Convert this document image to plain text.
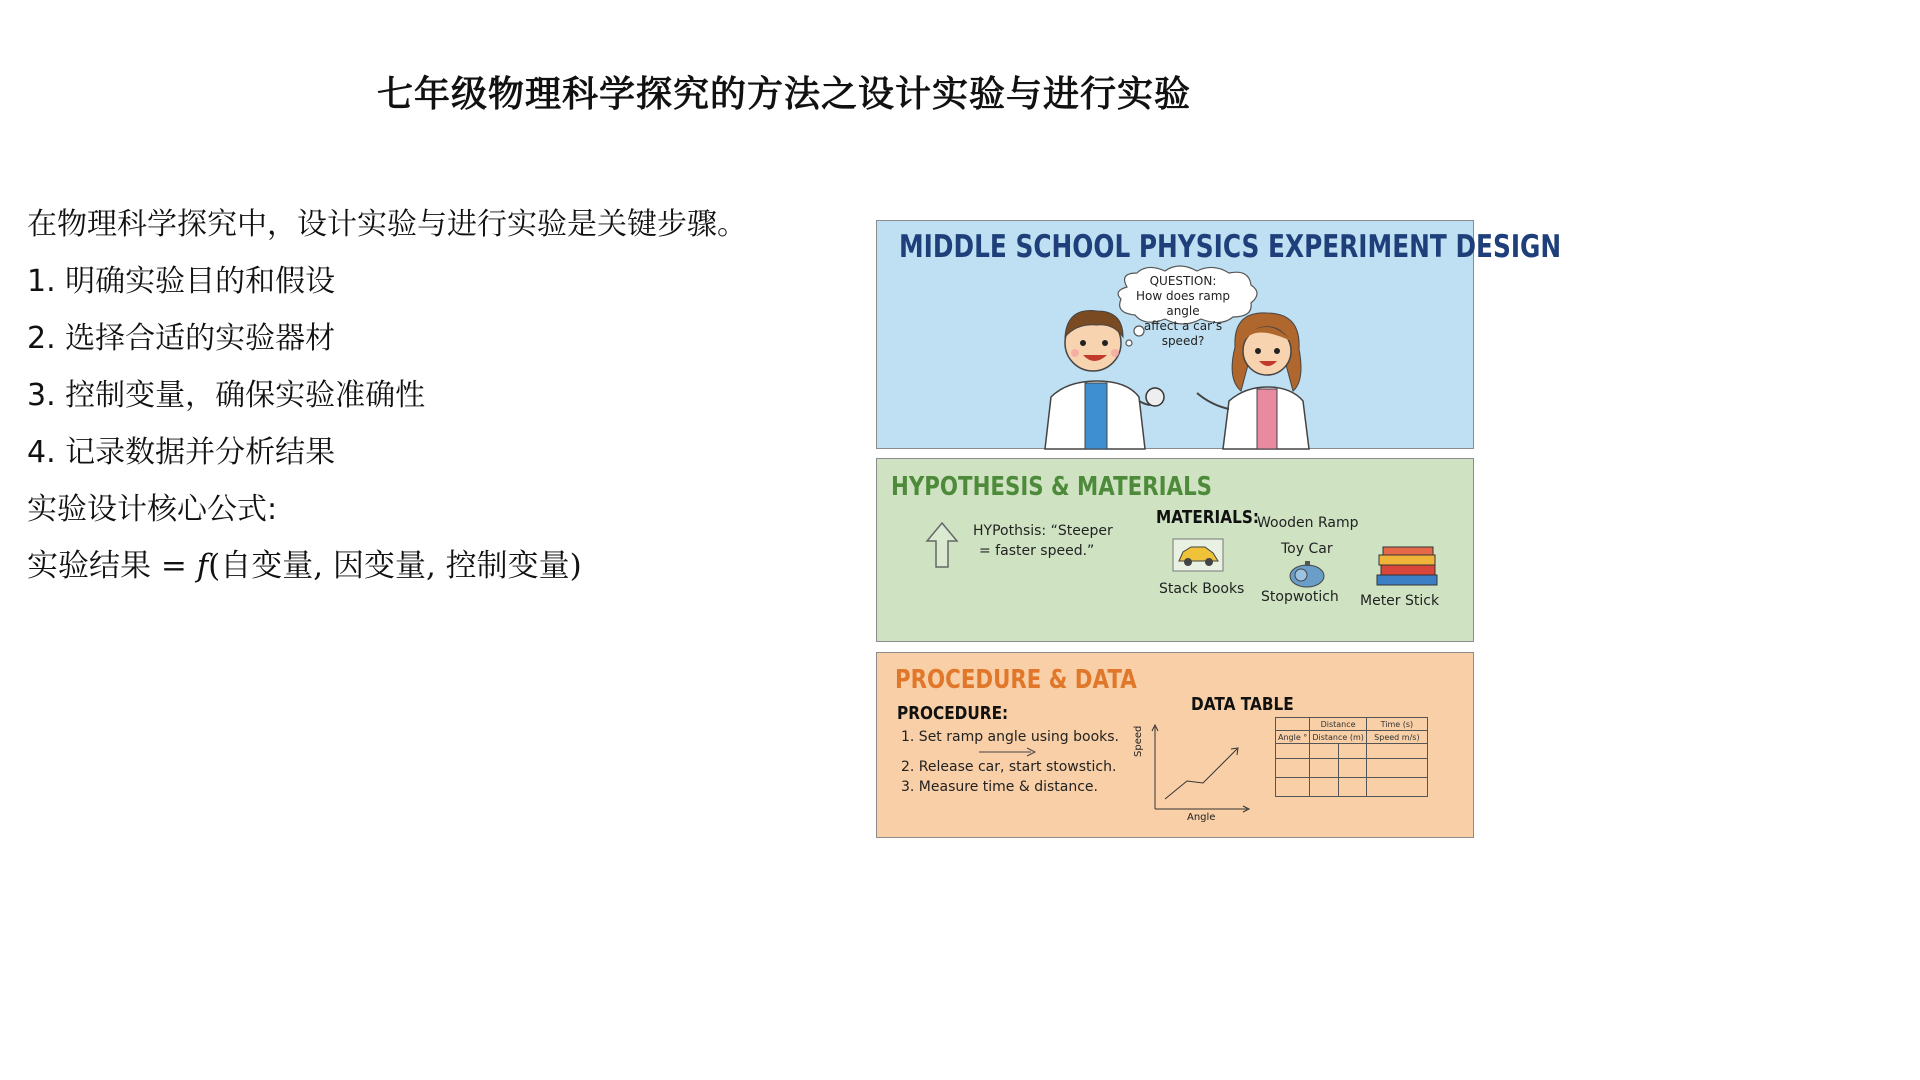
七年级物理科学探究的方法之设计实验与进行实验
在物理科学探究中，设计实验与进行实验是关键步骤。
1. 明确实验目的和假设
2. 选择合适的实验器材
3. 控制变量，确保实验准确性
4. 记录数据并分析结果
实验设计核心公式:
实验结果 = f(自变量, 因变量, 控制变量)
MIDDLE SCHOOL PHYSICS EXPERIMENT DESIGN
QUESTION:
How does ramp angle
affect a car’s speed?
HYPOTHESIS & MATERIALS
HYPothsis: “Steeper
= faster speed.”
MATERIALS:
Wooden Ramp
Toy Car
Stack Books Stopwotich Meter Stick
PROCEDURE & DATA
PROCEDURE:
1. Set ramp angle using books.
2. Release car, start stowstich.
3. Measure time & distance.
DATA TABLE
Speed
Angle
	Distance		Time (s)
Angle °	Distance (m)		Speed m/s)
